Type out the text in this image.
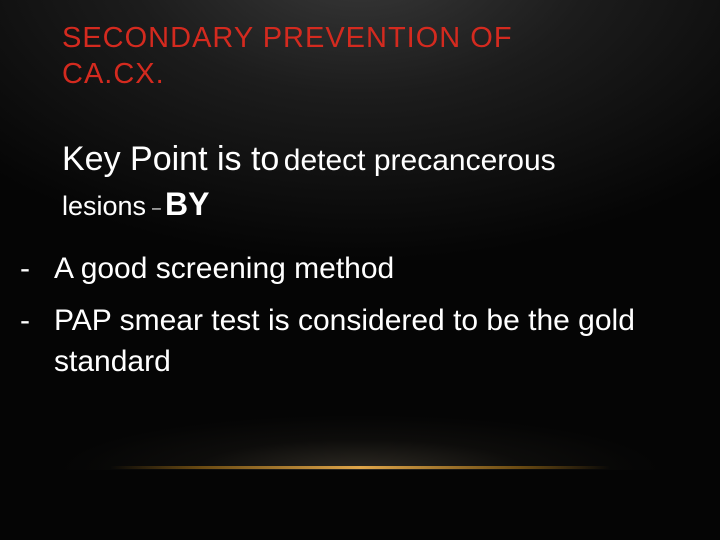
SECONDARY PREVENTION OF
CA.CX.
Key Point is to detect precancerous
lesions – BY
- A good screening method
- PAP smear test is considered to be the gold standard
